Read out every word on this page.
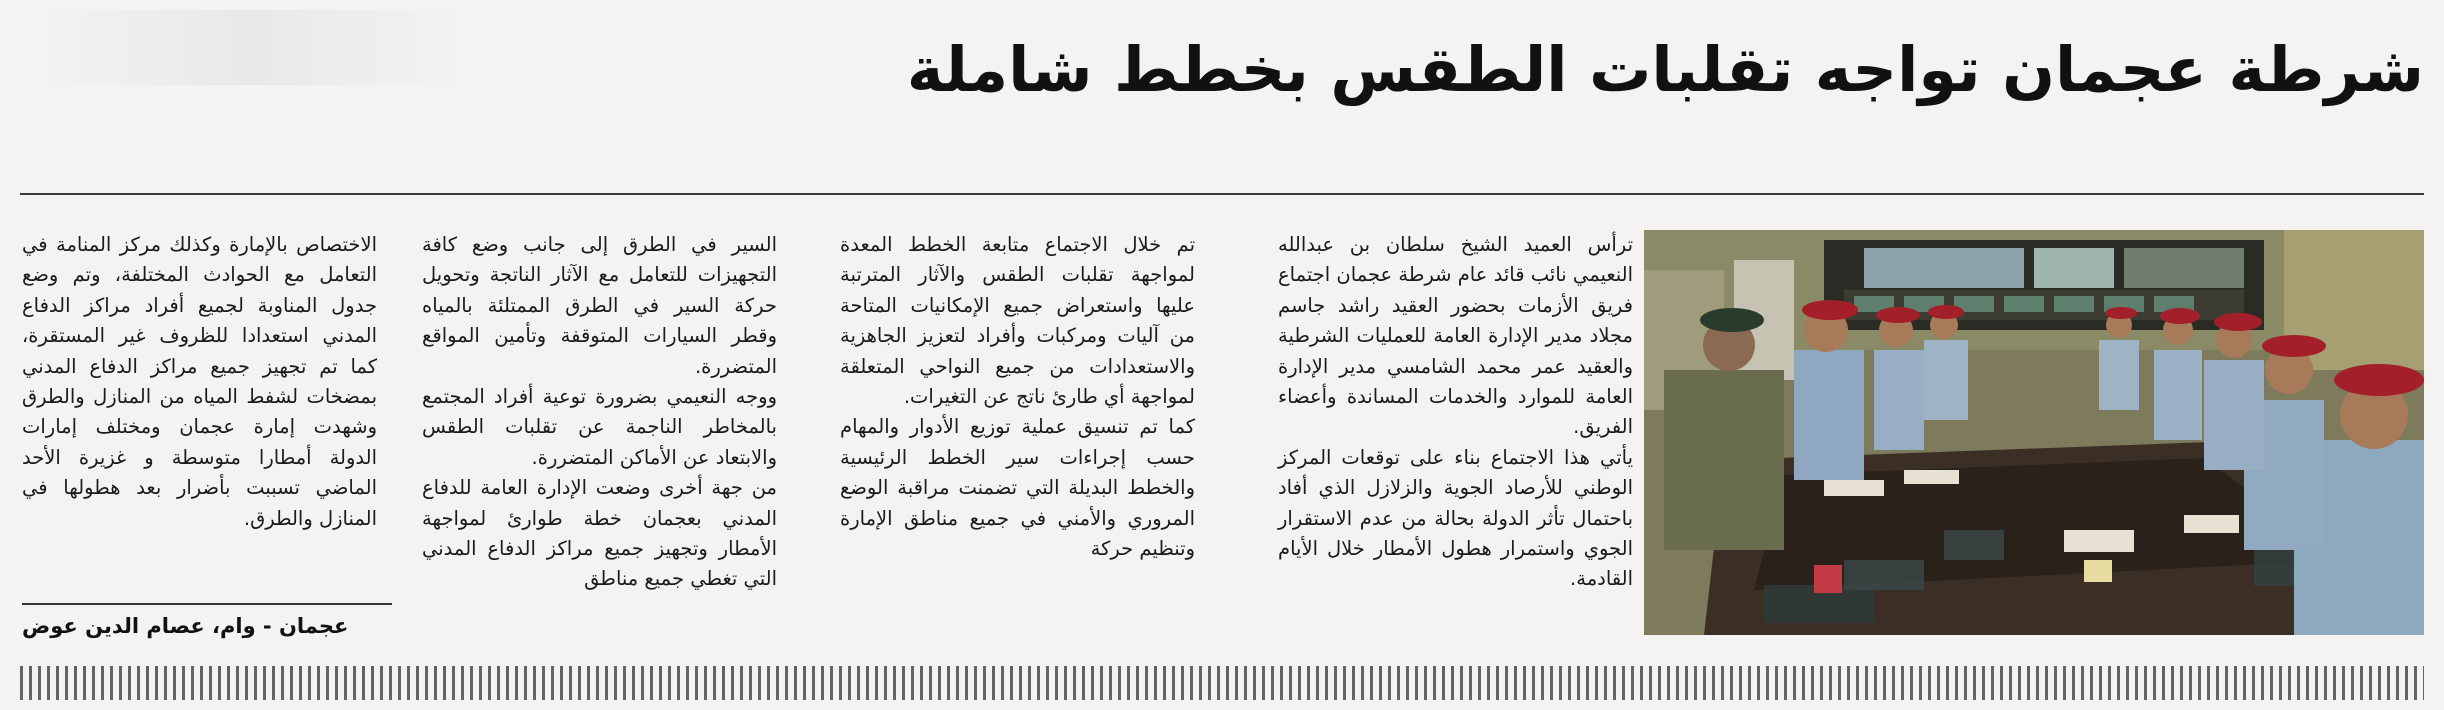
شرطة عجمان تواجه تقلبات الطقس بخطط شاملة

ترأس العميد الشيخ سلطان بن عبدالله النعيمي نائب قائد عام شرطة عجمان اجتماع فريق الأزمات بحضور العقيد راشد جاسم مجلاد مدير الإدارة العامة للعمليات الشرطية والعقيد عمر محمد الشامسي مدير الإدارة العامة للموارد والخدمات المساندة وأعضاء الفريق.

يأتي هذا الاجتماع بناء على توقعات المركز الوطني للأرصاد الجوية والزلازل الذي أفاد باحتمال تأثر الدولة بحالة من عدم الاستقرار الجوي واستمرار هطول الأمطار خلال الأيام القادمة.

تم خلال الاجتماع متابعة الخطط المعدة لمواجهة تقلبات الطقس والآثار المترتبة عليها واستعراض جميع الإمكانيات المتاحة من آليات ومركبات وأفراد لتعزيز الجاهزية والاستعدادات من جميع النواحي المتعلقة لمواجهة أي طارئ ناتج عن التغيرات.

كما تم تنسيق عملية توزيع الأدوار والمهام حسب إجراءات سير الخطط الرئيسية والخطط البديلة التي تضمنت مراقبة الوضع المروري والأمني في جميع مناطق الإمارة وتنظيم حركة

السير في الطرق إلى جانب وضع كافة التجهيزات للتعامل مع الآثار الناتجة وتحويل حركة السير في الطرق الممتلئة بالمياه وقطر السيارات المتوقفة وتأمين المواقع المتضررة.

ووجه النعيمي بضرورة توعية أفراد المجتمع بالمخاطر الناجمة عن تقلبات الطقس والابتعاد عن الأماكن المتضررة.

من جهة أخرى وضعت الإدارة العامة للدفاع المدني بعجمان خطة طوارئ لمواجهة الأمطار وتجهيز جميع مراكز الدفاع المدني التي تغطي جميع مناطق

الاختصاص بالإمارة وكذلك مركز المنامة في التعامل مع الحوادث المختلفة، وتم وضع جدول المناوبة لجميع أفراد مراكز الدفاع المدني استعدادا للظروف غير المستقرة، كما تم تجهيز جميع مراكز الدفاع المدني بمضخات لشفط المياه من المنازل والطرق وشهدت إمارة عجمان ومختلف إمارات الدولة أمطارا متوسطة و غزيرة الأحد الماضي تسببت بأضرار بعد هطولها في المنازل والطرق.

عجمان - وام، عصام الدين عوض
